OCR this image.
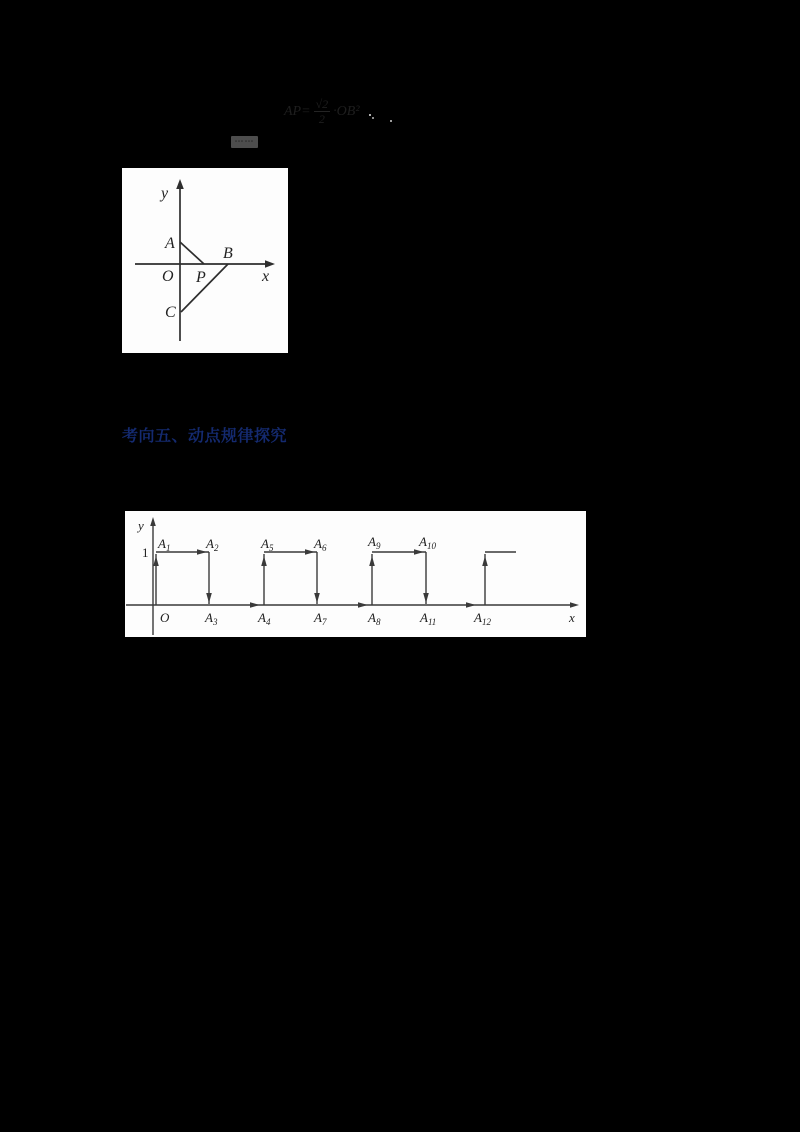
$AP= \frac{√2}{2} \cdot OB^2$
⋯⋯
y
x
A
B
O P
C
考向五、动点规律探究
y
x
1
O
$A_1$	$A_2$
$A_3$	$A_4$
$A_5$	$A_6$
$A_7$	$A_8$
$A_9$	$A_{10}$
$A_{11}$	$A_{12}$
